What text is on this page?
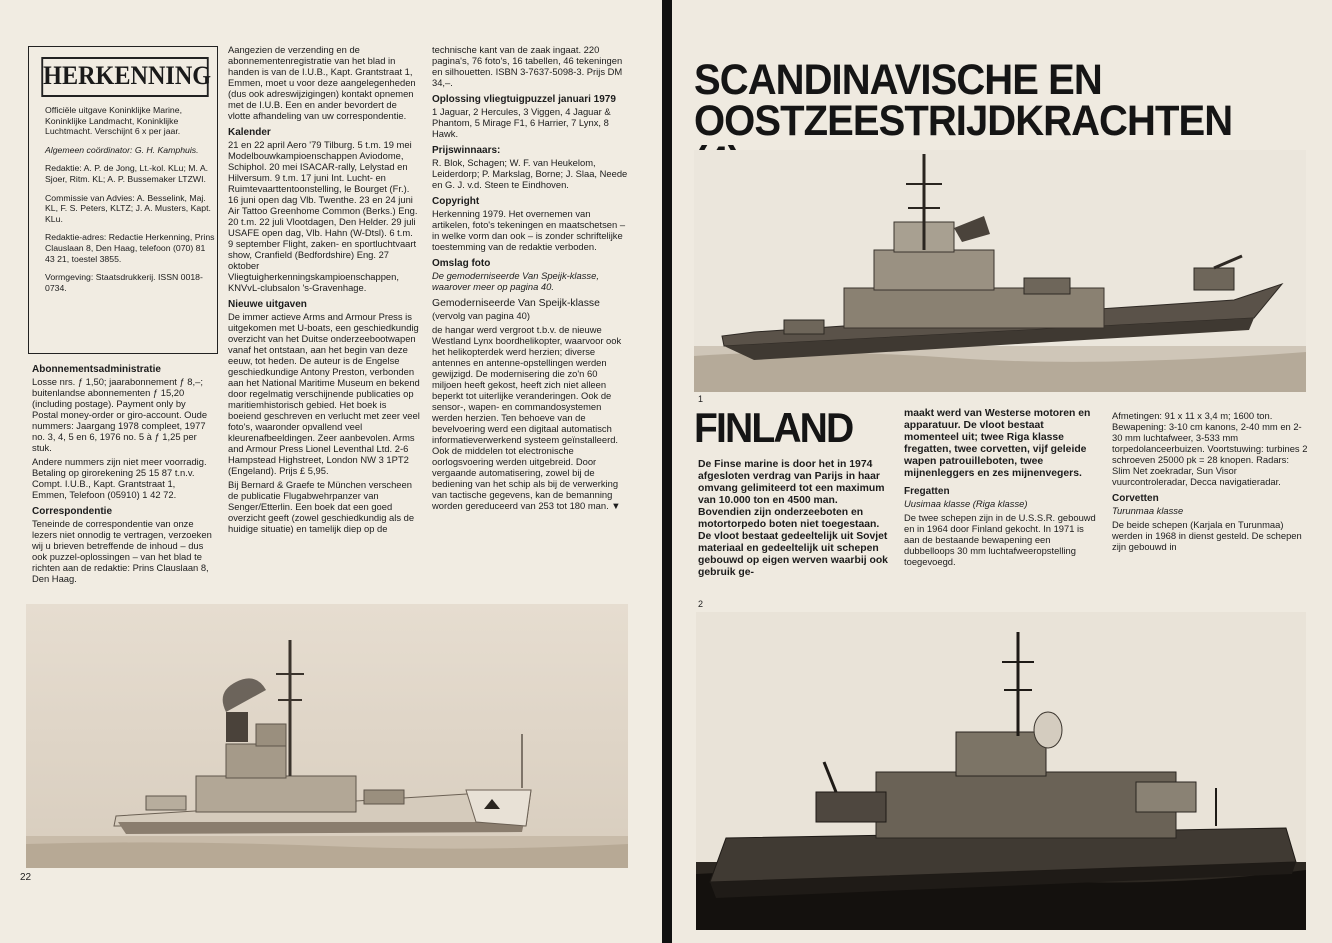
HERKENNING

Officiële uitgave Koninklijke Marine, Koninklijke Landmacht, Koninklijke Luchtmacht. Verschijnt 6 x per jaar.

Algemeen coördinator: G. H. Kamphuis.

Redaktie: A. P. de Jong, Lt.-kol. KLu; M. A. Sjoer, Ritm. KL; A. P. Bussemaker LTZWI.

Commissie van Advies: A. Besselink, Maj. KL, F. S. Peters, KLTZ; J. A. Musters, Kapt. KLu.

Redaktie-adres: Redactie Herkenning, Prins Clauslaan 8, Den Haag, telefoon (070) 81 43 21, toestel 3855.

Vormgeving: Staatsdrukkerij. ISSN 0018-0734.

Abonnementsadministratie

Losse nrs. ƒ 1,50; jaarabonnement ƒ 8,–; buitenlandse abonnementen ƒ 15,20 (including postage). Payment only by Postal money-order or giro-account. Oude nummers: Jaargang 1978 compleet, 1977 no. 3, 4, 5 en 6, 1976 no. 5 à ƒ 1,25 per stuk.

Andere nummers zijn niet meer voorradig. Betaling op girorekening 25 15 87 t.n.v. Compt. I.U.B., Kapt. Grantstraat 1, Emmen, Telefoon (05910) 1 42 72.

Correspondentie

Teneinde de correspondentie van onze lezers niet onnodig te vertragen, verzoeken wij u brieven betreffende de inhoud – dus ook puzzel-oplossingen – van het blad te richten aan de redaktie: Prins Clauslaan 8, Den Haag.

Aangezien de verzending en de abonnementenregistratie van het blad in handen is van de I.U.B., Kapt. Grantstraat 1, Emmen, moet u voor deze aangelegenheden (dus ook adreswijzigingen) kontakt opnemen met de I.U.B. Een en ander bevordert de vlotte afhandeling van uw correspondentie.

Kalender

21 en 22 april Aero '79 Tilburg. 5 t.m. 19 mei Modelbouwkampioenschappen Aviodome, Schiphol. 20 mei ISACAR-rally, Lelystad en Hilversum. 9 t.m. 17 juni Int. Lucht- en Ruimtevaarttentoonstelling, le Bourget (Fr.). 16 juni open dag Vlb. Twenthe. 23 en 24 juni Air Tattoo Greenhome Common (Berks.) Eng. 20 t.m. 22 juli Vlootdagen, Den Helder. 29 juli USAFE open dag, Vlb. Hahn (W-Dtsl). 6 t.m. 9 september Flight, zaken- en sportluchtvaart show, Cranfield (Bedfordshire) Eng. 27 oktober Vliegtuigherkenningskampioenschappen, KNVvL-clubsalon 's-Gravenhage.

Nieuwe uitgaven

De immer actieve Arms and Armour Press is uitgekomen met U-boats, een geschiedkundig overzicht van het Duitse onderzeebootwapen vanaf het ontstaan, aan het begin van deze eeuw, tot heden. De auteur is de Engelse geschiedkundige Antony Preston, verbonden aan het National Maritime Museum en bekend door regelmatig verschijnende publicaties op maritiemhistorisch gebied. Het boek is boeiend geschreven en verlucht met zeer veel foto's, waaronder opvallend veel kleurenafbeeldingen. Zeer aanbevolen. Arms and Armour Press Lionel Leventhal Ltd. 2-6 Hampstead Highstreet, London NW 3 1PT2 (Engeland). Prijs £ 5,95.

Bij Bernard & Graefe te München verscheen de publicatie Flugabwehrpanzer van Senger/Etterlin. Een boek dat een goed overzicht geeft (zowel geschiedkundig als de huidige situatie) en tamelijk diep op de

technische kant van de zaak ingaat. 220 pagina's, 76 foto's, 16 tabellen, 46 tekeningen en silhouetten. ISBN 3-7637-5098-3. Prijs DM 34,–.

Oplossing vliegtuigpuzzel januari 1979

1 Jaguar, 2 Hercules, 3 Viggen, 4 Jaguar & Phantom, 5 Mirage F1, 6 Harrier, 7 Lynx, 8 Hawk.

Prijswinnaars:

R. Blok, Schagen; W. F. van Heukelom, Leiderdorp; P. Markslag, Borne; J. Slaa, Neede en G. J. v.d. Steen te Eindhoven.

Copyright

Herkenning 1979. Het overnemen van artikelen, foto's tekeningen en maatschetsen – in welke vorm dan ook – is zonder schriftelijke toestemming van de redaktie verboden.

Omslag foto

De gemoderniseerde Van Speijk-klasse, waarover meer op pagina 40.

Gemoderniseerde Van Speijk-klasse

(vervolg van pagina 40)

de hangar werd vergroot t.b.v. de nieuwe Westland Lynx boordhelikopter, waarvoor ook het helikopterdek werd herzien; diverse antennes en antenne-opstellingen werden gewijzigd. De modernisering die zo'n 60 miljoen heeft gekost, heeft zich niet alleen beperkt tot uiterlijke veranderingen. Ook de sensor-, wapen- en commandosystemen werden herzien. Ten behoeve van de bevelvoering werd een digitaal automatisch informatieverwerkend systeem geïnstalleerd. Ook de middelen tot electronische oorlogsvoering werden uitgebreid. Door vergaande automatisering, zowel bij de bediening van het schip als bij de verwerking van tactische gegevens, kan de bemanning worden gereduceerd van 253 tot 180 man. ▼

22
SCANDINAVISCHE EN
OOSTZEESTRIJDKRACHTEN
1
FINLAND

De Finse marine is door het in 1974 afgesloten verdrag van Parijs in haar omvang gelimiteerd tot een maximum van 10.000 ton en 4500 man. Bovendien zijn onderzeeboten en motortorpedo boten niet toegestaan. De vloot bestaat gedeeltelijk uit Sovjet materiaal en gedeeltelijk uit schepen gebouwd op eigen werven waarbij ook gebruik ge-

2

maakt werd van Westerse motoren en apparatuur. De vloot bestaat momenteel uit; twee Riga klasse fregatten, twee corvetten, vijf geleide wapen patrouilleboten, twee mijnenleggers en zes mijnenvegers.

Fregatten

Uusimaa klasse (Riga klasse)

De twee schepen zijn in de U.S.S.R. gebouwd en in 1964 door Finland gekocht. In 1971 is aan de bestaande bewapening een dubbelloops 30 mm luchtafweeropstelling toegevoegd.

Afmetingen: 91 x 11 x 3,4 m; 1600 ton. Bewapening: 3-10 cm kanons, 2-40 mm en 2-30 mm luchtafweer, 3-533 mm torpedolanceerbuizen. Voortstuwing: turbines 2 schroeven 25000 pk = 28 knopen. Radars: Slim Net zoekradar, Sun Visor vuurcontroleradar, Decca navigatieradar.

Corvetten

Turunmaa klasse

De beide schepen (Karjala en Turunmaa) werden in 1968 in dienst gesteld. De schepen zijn gebouwd in
